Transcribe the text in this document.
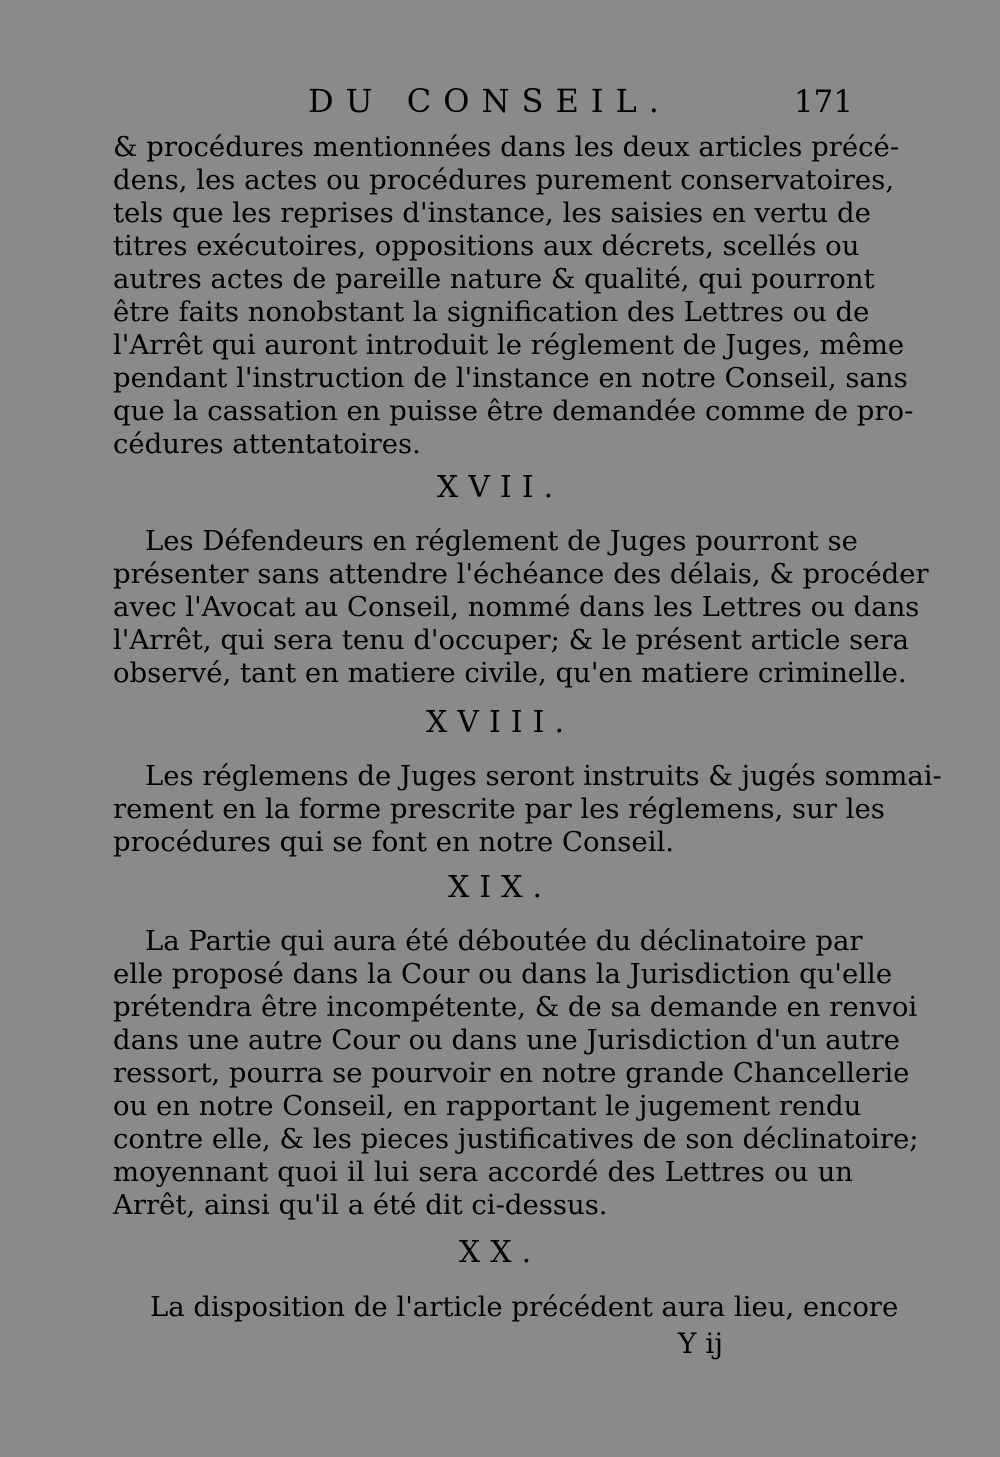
DU CONSEIL.	171
& procédures mentionnées dans les deux articles précé-
dens, les actes ou procédures purement conservatoires,
tels que les reprises d'instance, les saisies en vertu de
titres exécutoires, oppositions aux décrets, scellés ou
autres actes de pareille nature & qualité, qui pourront
être faits nonobstant la signification des Lettres ou de
l'Arrêt qui auront introduit le réglement de Juges, même
pendant l'instruction de l'instance en notre Conseil, sans
que la cassation en puisse être demandée comme de pro-
cédures attentatoires.
XVII.
Les Défendeurs en réglement de Juges pourront se
présenter sans attendre l'échéance des délais, & procéder
avec l'Avocat au Conseil, nommé dans les Lettres ou dans
l'Arrêt, qui sera tenu d'occuper; & le présent article sera
observé, tant en matiere civile, qu'en matiere criminelle.
XVIII.
Les réglemens de Juges seront instruits & jugés sommai-
rement en la forme prescrite par les réglemens, sur les
procédures qui se font en notre Conseil.
XIX.
La Partie qui aura été déboutée du déclinatoire par
elle proposé dans la Cour ou dans la Jurisdiction qu'elle
prétendra être incompétente, & de sa demande en renvoi
dans une autre Cour ou dans une Jurisdiction d'un autre
ressort, pourra se pourvoir en notre grande Chancellerie
ou en notre Conseil, en rapportant le jugement rendu
contre elle, & les pieces justificatives de son déclinatoire;
moyennant quoi il lui sera accordé des Lettres ou un
Arrêt, ainsi qu'il a été dit ci-dessus.
XX.
La disposition de l'article précédent aura lieu, encore
Y ij
